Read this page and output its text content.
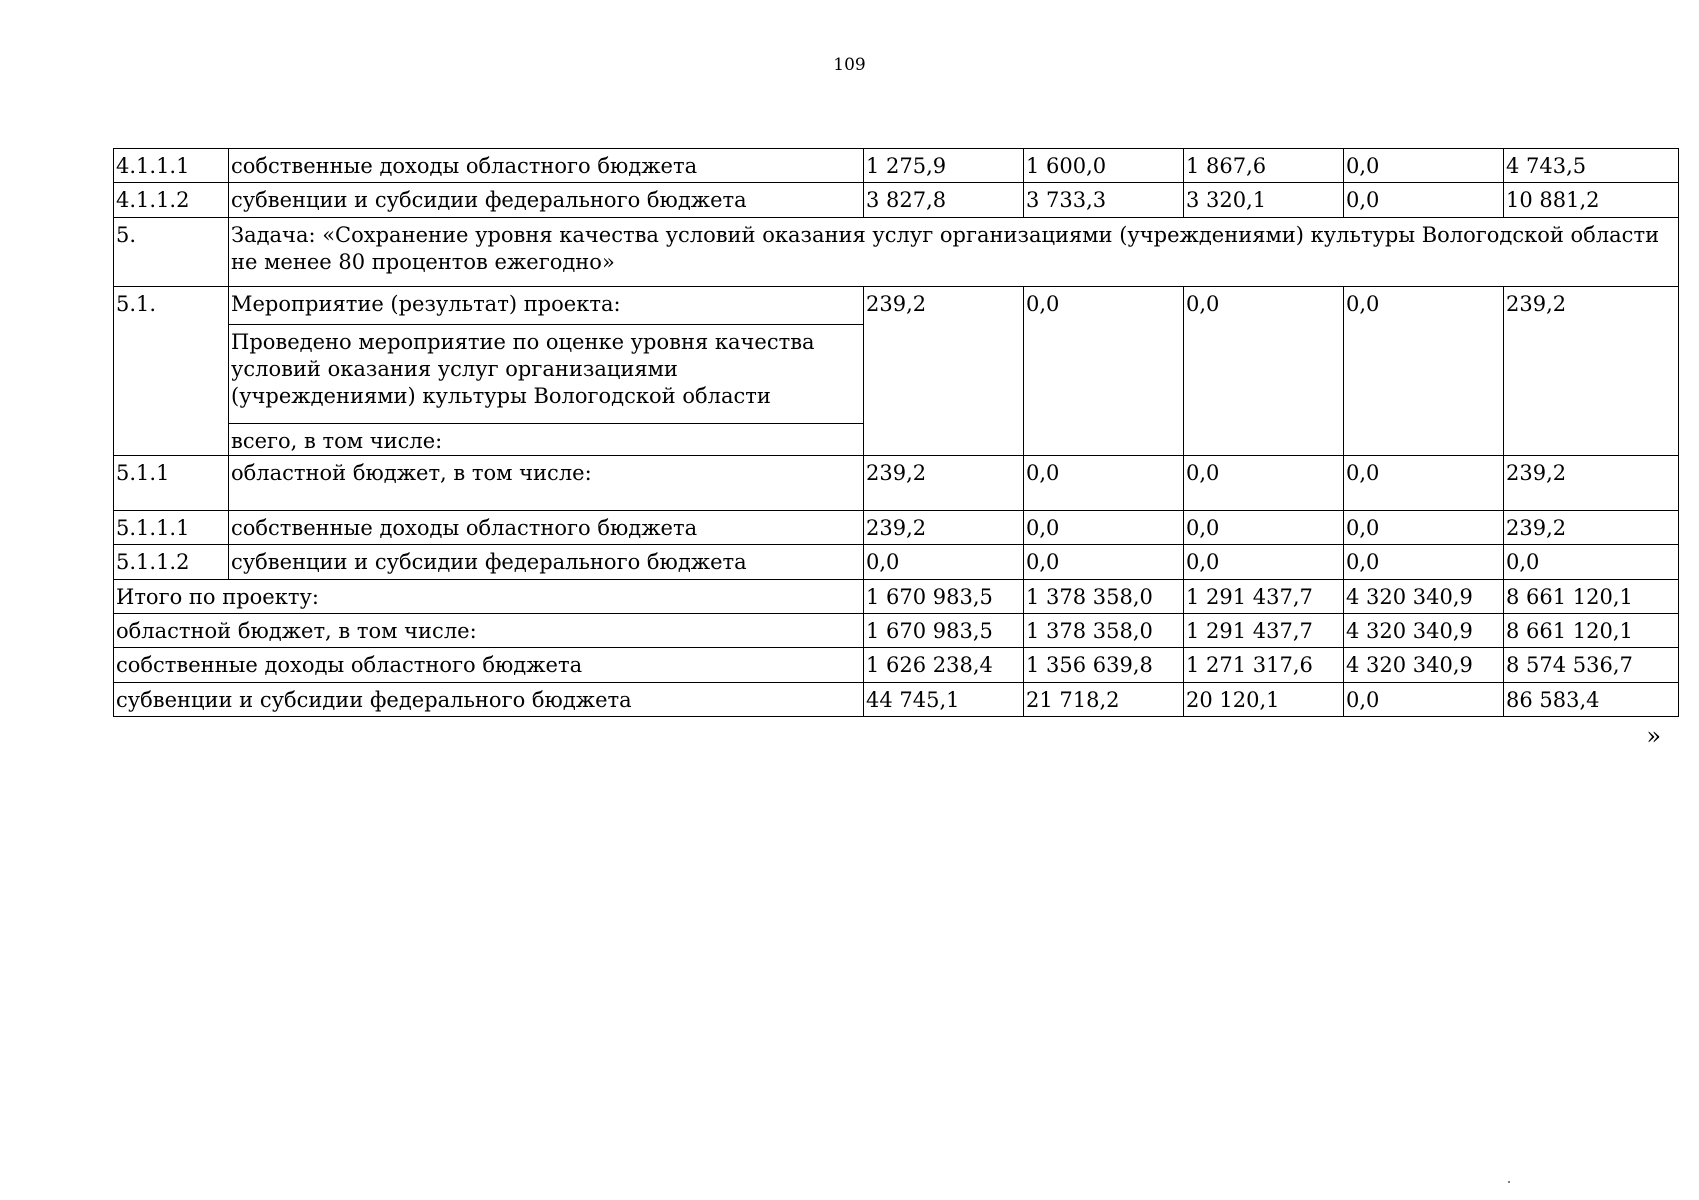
109
4.1.1.1	собственные доходы областного бюджета	1 275,9	1 600,0	1 867,6	0,0	4 743,5
4.1.1.2	субвенции и субсидии федерального бюджета	3 827,8	3 733,3	3 320,1	0,0	10 881,2
5.	Задача: «Сохранение уровня качества условий оказания услуг организациями (учреждениями) культуры Вологодской области не менее 80 процентов ежегодно»					
5.1.	Мероприятие (результат) проекта:
Проведено мероприятие по оценке уровня качества условий оказания услуг организациями (учреждениями) культуры Вологодской области
всего, в том числе:	239,2	0,0	0,0	0,0	239,2
5.1.1	областной бюджет, в том числе:	239,2	0,0	0,0	0,0	239,2
5.1.1.1	собственные доходы областного бюджета	239,2	0,0	0,0	0,0	239,2
5.1.1.2	субвенции и субсидии федерального бюджета	0,0	0,0	0,0	0,0	0,0
Итого по проекту:		1 670 983,5	1 378 358,0	1 291 437,7	4 320 340,9	8 661 120,1
областной бюджет, в том числе:		1 670 983,5	1 378 358,0	1 291 437,7	4 320 340,9	8 661 120,1
собственные доходы областного бюджета		1 626 238,4	1 356 639,8	1 271 317,6	4 320 340,9	8 574 536,7
субвенции и субсидии федерального бюджета		44 745,1	21 718,2	20 120,1	0,0	86 583,4
»
